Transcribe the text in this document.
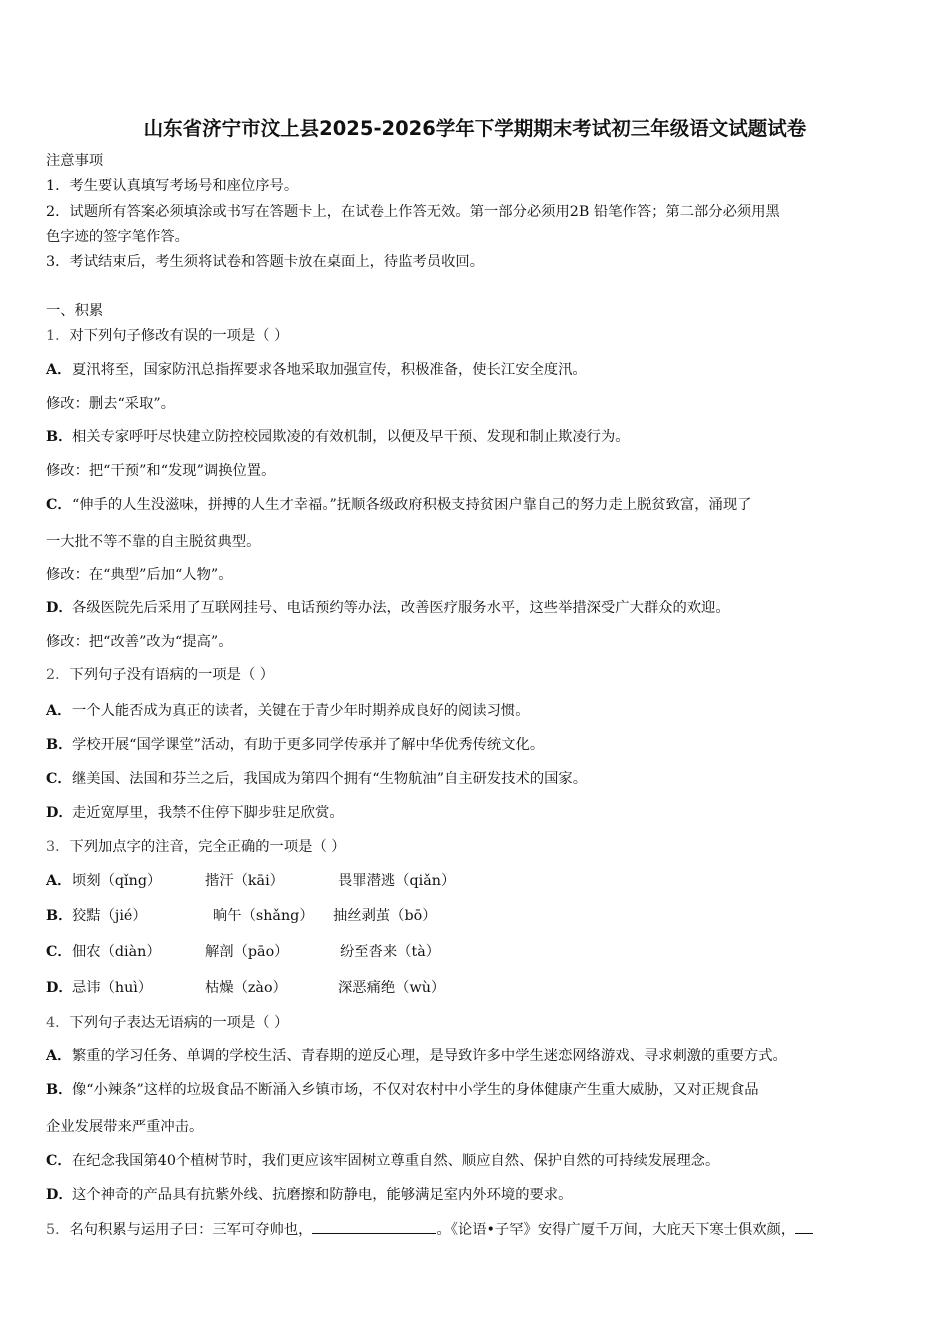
山东省济宁市汶上县2025-2026学年下学期期末考试初三年级语文试题试卷
注意事项
1．考生要认真填写考场号和座位序号。
2．试题所有答案必须填涂或书写在答题卡上，在试卷上作答无效。第一部分必须用2B 铅笔作答；第二部分必须用黑
色字迹的签字笔作答。
3．考试结束后，考生须将试卷和答题卡放在桌面上，待监考员收回。
一、积累
1．对下列句子修改有误的一项是（ ）
A．夏汛将至，国家防汛总指挥要求各地采取加强宣传，积极准备，使长江安全度汛。
修改：删去“采取”。
B．相关专家呼吁尽快建立防控校园欺凌的有效机制，以便及早干预、发现和制止欺凌行为。
修改：把“干预”和“发现”调换位置。
C．“伸手的人生没滋味，拼搏的人生才幸福。”抚顺各级政府积极支持贫困户靠自己的努力走上脱贫致富，涌现了
一大批不等不靠的自主脱贫典型。
修改：在“典型”后加“人物”。
D．各级医院先后采用了互联网挂号、电话预约等办法，改善医疗服务水平，这些举措深受广大群众的欢迎。
修改：把“改善”改为“提高”。
2．下列句子没有语病的一项是（ ）
A．一个人能否成为真正的读者，关键在于青少年时期养成良好的阅读习惯。
B．学校开展“国学课堂”活动，有助于更多同学传承并了解中华优秀传统文化。
C．继美国、法国和芬兰之后，我国成为第四个拥有“生物航油”自主研发技术的国家。
D．走近宽厚里，我禁不住停下脚步驻足欣赏。
3．下列加点字的注音，完全正确的一项是（ ）
A．顷刻（qǐng）	揩汗（kāi）	畏罪潜逃（qiǎn）
B．狡黠（jié）	晌午（shǎng） 抽丝剥茧（bō）
C．佃农（diàn）	解剖（pāo）	纷至沓来（tà）
D．忌讳（huì）	枯燥（zào）	深恶痛绝（wù）
4．下列句子表达无语病的一项是（ ）
A．繁重的学习任务、单调的学校生活、青春期的逆反心理，是导致许多中学生迷恋网络游戏、寻求刺激的重要方式。
B．像“小辣条”这样的垃圾食品不断涌入乡镇市场，不仅对农村中小学生的身体健康产生重大威胁，又对正规食品
企业发展带来严重冲击。
C．在纪念我国第40个植树节时，我们更应该牢固树立尊重自然、顺应自然、保护自然的可持续发展理念。
D．这个神奇的产品具有抗紫外线、抗磨擦和防静电，能够满足室内外环境的要求。
5．名句积累与运用子曰：三军可夺帅也，	。《论语•子罕》安得广厦千万间，大庇天下寒士俱欢颜，
